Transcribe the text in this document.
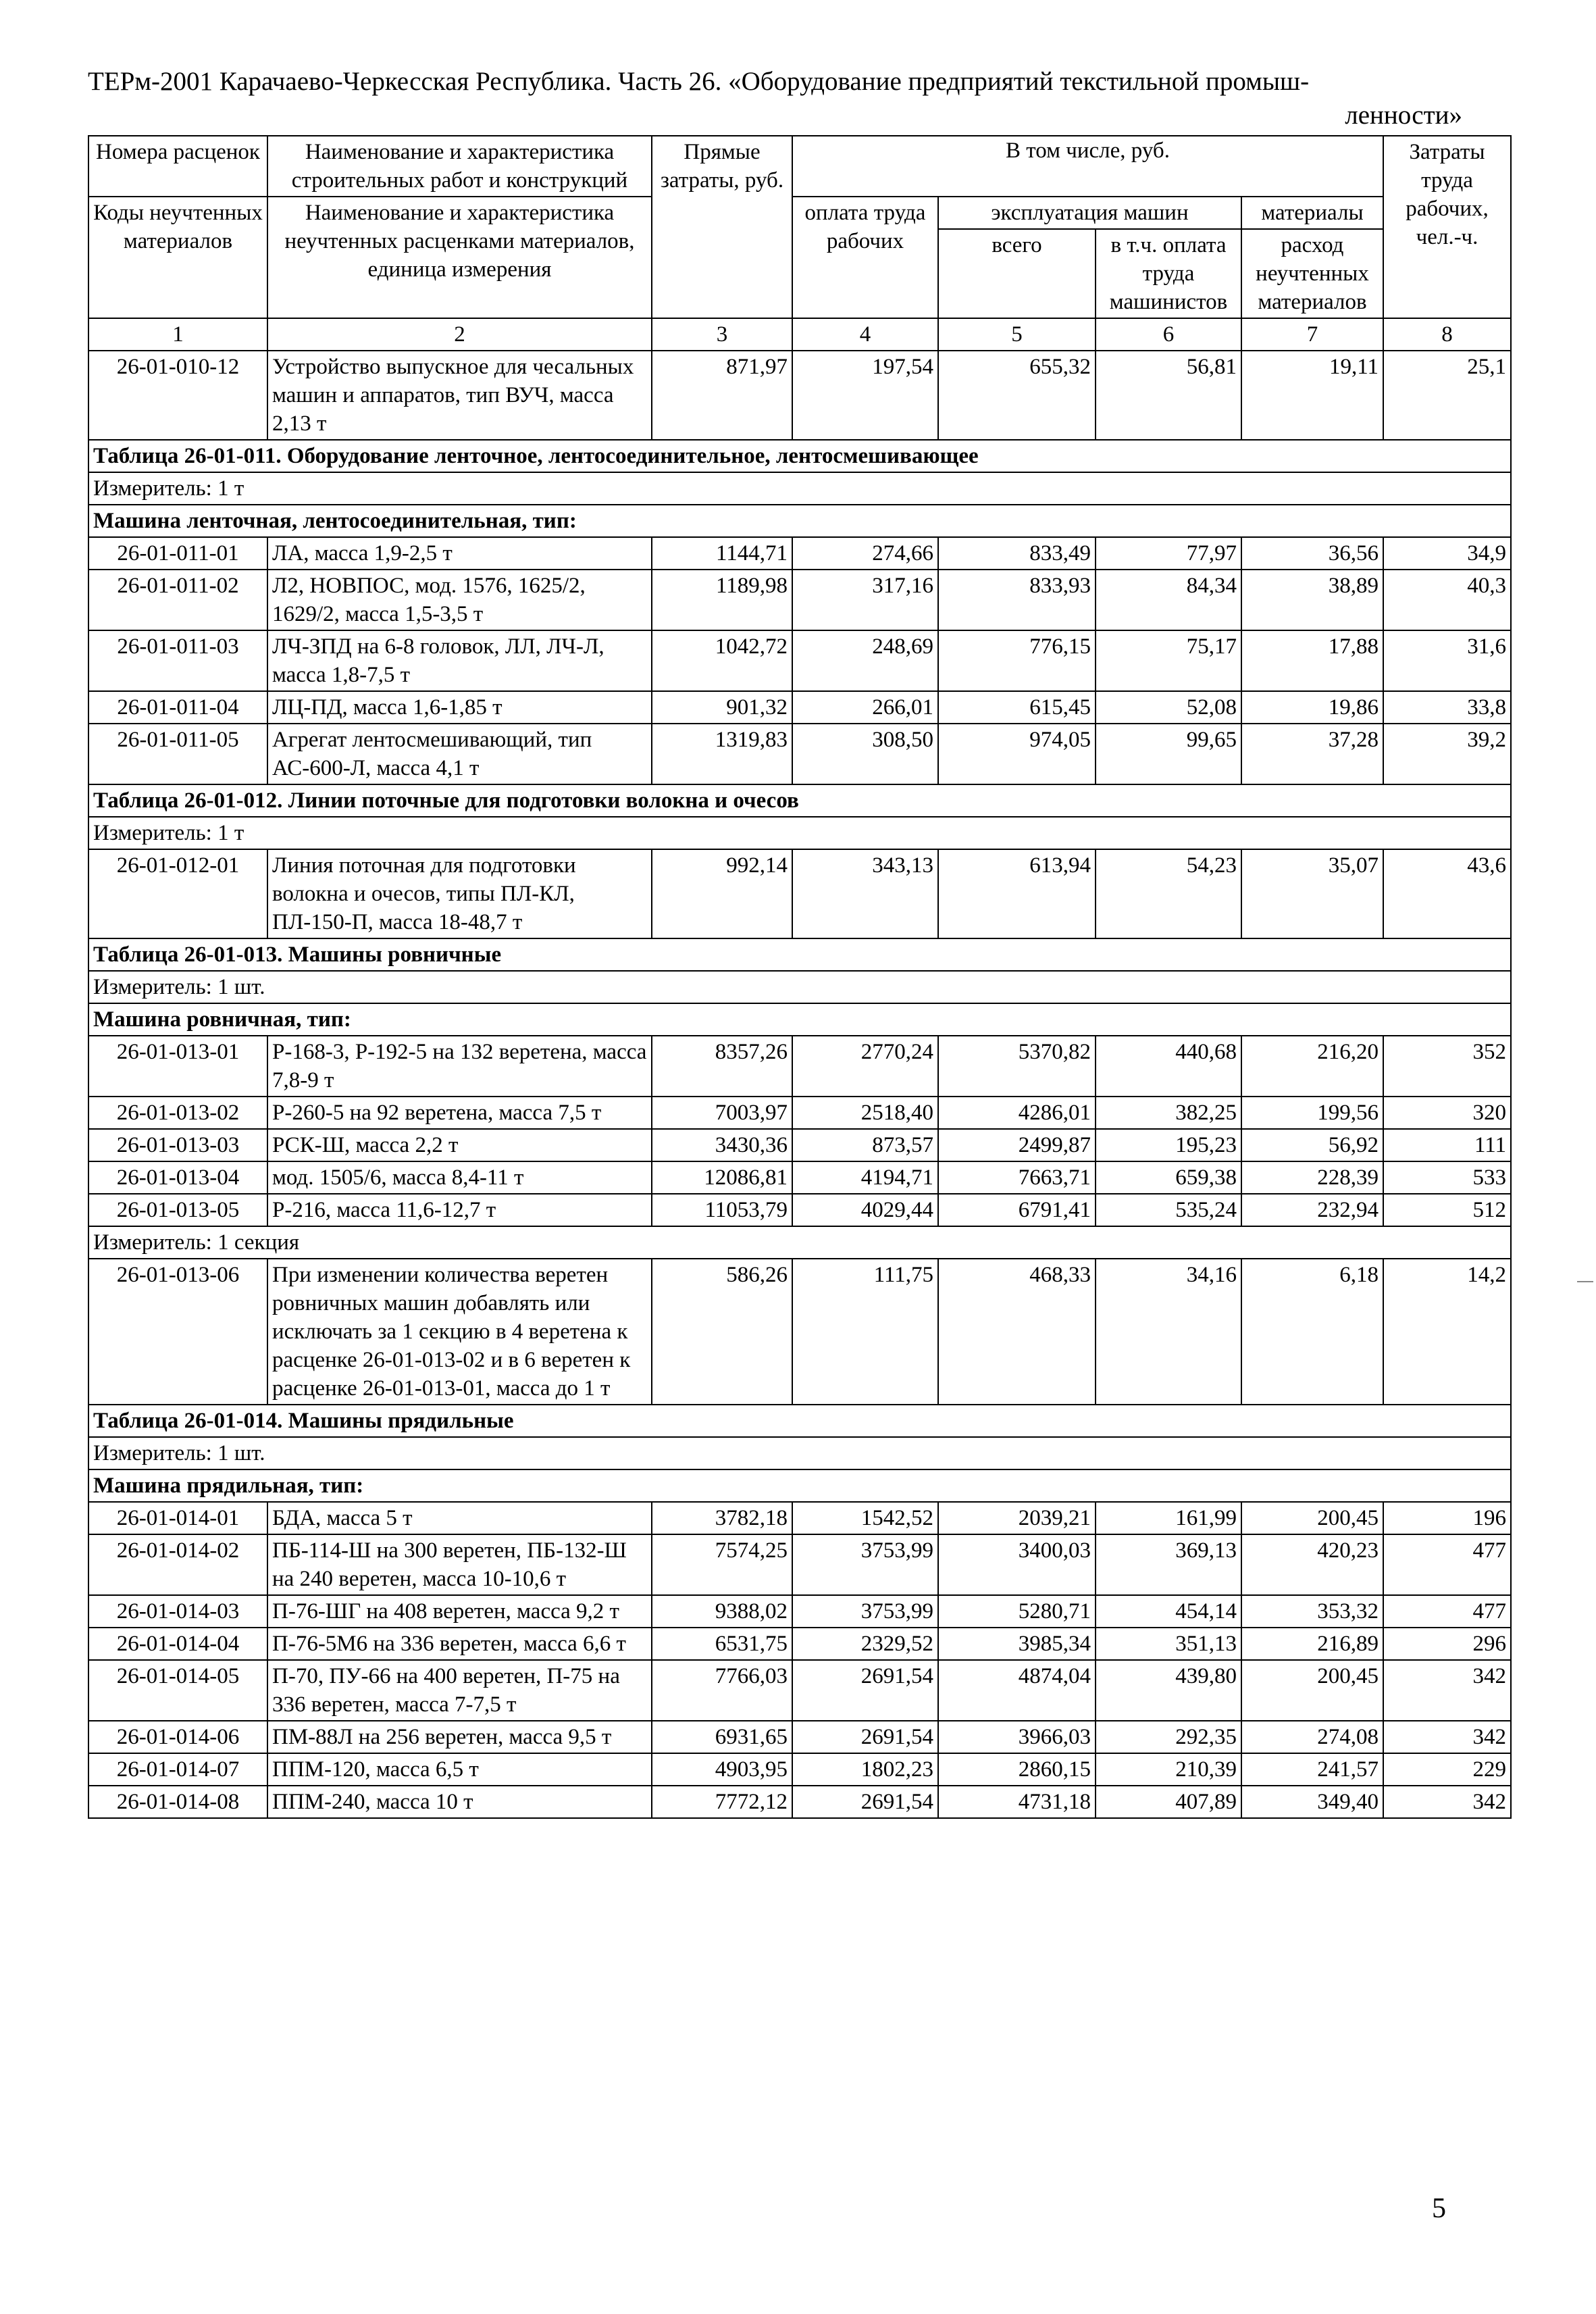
ТЕРм-2001 Карачаево-Черкесская Республика. Часть 26. «Оборудование предприятий текстильной промыш-
ленности»
Номера расценок	Наименование и характеристика строительных работ и конструкций	Прямые затраты, руб.	В том числе, руб.				Затраты труда рабочих, чел.-ч.
Коды неучтенных материалов	Наименование и характеристика неучтенных расценками материалов, единица измерения		оплата труда рабочих	эксплуатация машин		материалы	
				всего	в т.ч. оплата труда машинистов	расход неучтенных материалов	

1	2	3	4	5	6	7	8
26-01-010-12	Устройство выпускное для чесальных машин и аппаратов, тип ВУЧ, масса 2,13 т	871,97	197,54	655,32	56,81	19,11	25,1
Таблица 26-01-011. Оборудование ленточное, лентосоединительное, лентосмешивающее							
Измеритель: 1 т							
Машина ленточная, лентосоединительная, тип:							
26-01-011-01	ЛА, масса 1,9-2,5 т	1144,71	274,66	833,49	77,97	36,56	34,9
26-01-011-02	Л2, НОВПОС, мод. 1576, 1625/2, 1629/2, масса 1,5-3,5 т	1189,98	317,16	833,93	84,34	38,89	40,3
26-01-011-03	ЛЧ-ЗПД на 6-8 головок, ЛЛ, ЛЧ-Л, масса 1,8-7,5 т	1042,72	248,69	776,15	75,17	17,88	31,6
26-01-011-04	ЛЦ-ПД, масса 1,6-1,85 т	901,32	266,01	615,45	52,08	19,86	33,8
26-01-011-05	Агрегат лентосмешивающий, тип АС-600-Л, масса 4,1 т	1319,83	308,50	974,05	99,65	37,28	39,2
Таблица 26-01-012. Линии поточные для подготовки волокна и очесов							
Измеритель: 1 т							
26-01-012-01	Линия поточная для подготовки волокна и очесов, типы ПЛ-КЛ, ПЛ-150-П, масса 18-48,7 т	992,14	343,13	613,94	54,23	35,07	43,6
Таблица 26-01-013. Машины ровничные							
Измеритель: 1 шт.							
Машина ровничная, тип:							
26-01-013-01	Р-168-3, Р-192-5 на 132 веретена, масса 7,8-9 т	8357,26	2770,24	5370,82	440,68	216,20	352
26-01-013-02	Р-260-5 на 92 веретена, масса 7,5 т	7003,97	2518,40	4286,01	382,25	199,56	320
26-01-013-03	РСК-Ш, масса 2,2 т	3430,36	873,57	2499,87	195,23	56,92	111
26-01-013-04	мод. 1505/6, масса 8,4-11 т	12086,81	4194,71	7663,71	659,38	228,39	533
26-01-013-05	Р-216, масса 11,6-12,7 т	11053,79	4029,44	6791,41	535,24	232,94	512
Измеритель: 1 секция							
26-01-013-06	При изменении количества веретен ровничных машин добавлять или исключать за 1 секцию в 4 веретена к расценке 26-01-013-02 и в 6 веретен к расценке 26-01-013-01, масса до 1 т	586,26	111,75	468,33	34,16	6,18	14,2
Таблица 26-01-014. Машины прядильные							
Измеритель: 1 шт.							
Машина прядильная, тип:							
26-01-014-01	БДА, масса 5 т	3782,18	1542,52	2039,21	161,99	200,45	196
26-01-014-02	ПБ-114-Ш на 300 веретен, ПБ-132-Ш на 240 веретен, масса 10-10,6 т	7574,25	3753,99	3400,03	369,13	420,23	477
26-01-014-03	П-76-ШГ на 408 веретен, масса 9,2 т	9388,02	3753,99	5280,71	454,14	353,32	477
26-01-014-04	П-76-5М6 на 336 веретен, масса 6,6 т	6531,75	2329,52	3985,34	351,13	216,89	296
26-01-014-05	П-70, ПУ-66 на 400 веретен, П-75 на 336 веретен, масса 7-7,5 т	7766,03	2691,54	4874,04	439,80	200,45	342
26-01-014-06	ПМ-88Л на 256 веретен, масса 9,5 т	6931,65	2691,54	3966,03	292,35	274,08	342
26-01-014-07	ППМ-120, масса 6,5 т	4903,95	1802,23	2860,15	210,39	241,57	229
26-01-014-08	ППМ-240, масса 10 т	7772,12	2691,54	4731,18	407,89	349,40	342
5
